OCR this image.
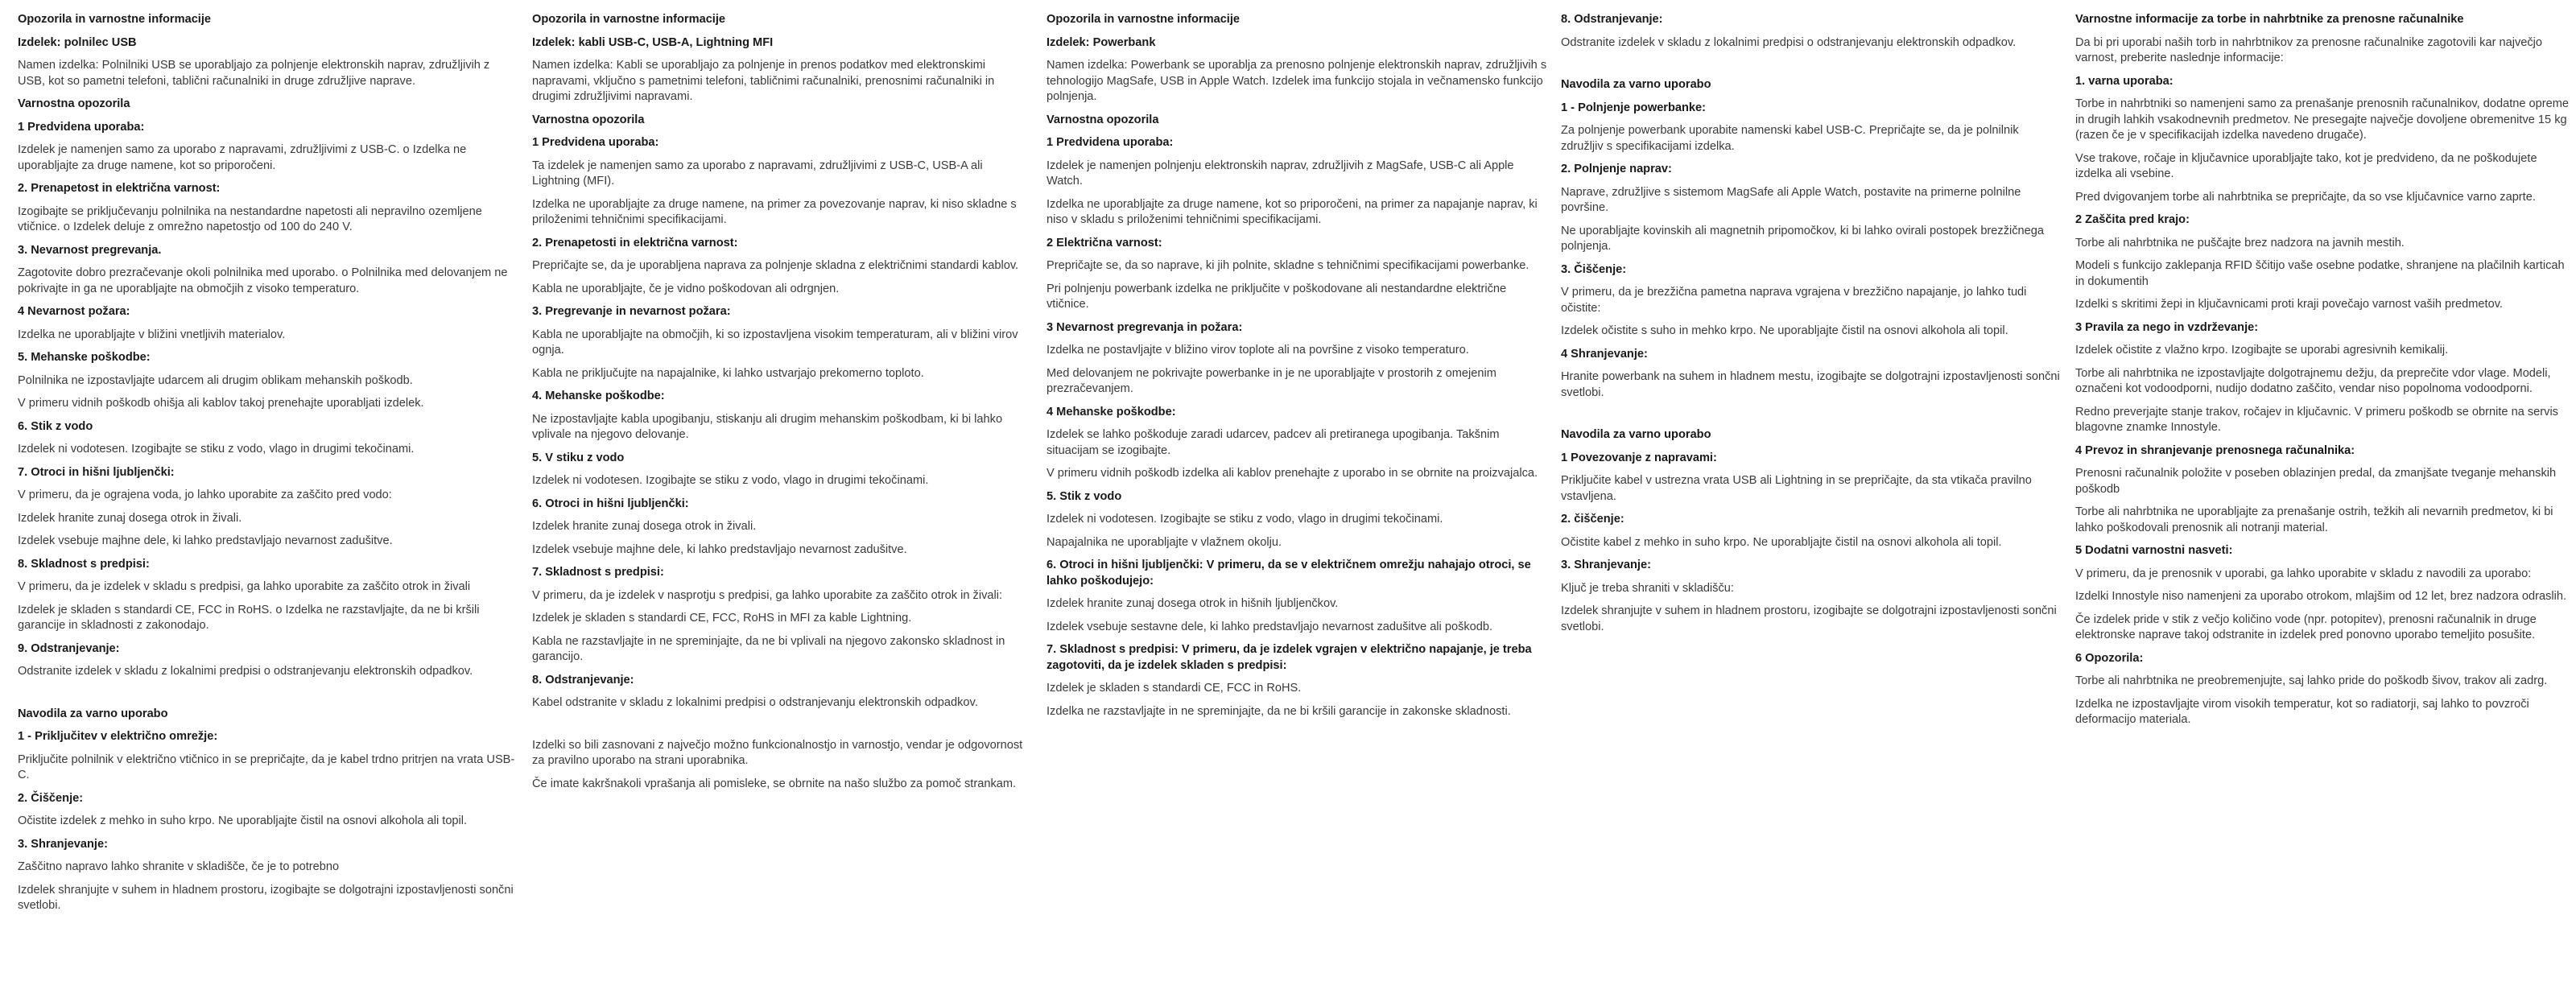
Opozorila in varnostne informacije
Izdelek: polnilec USB
Namen izdelka: Polnilniki USB se uporabljajo za polnjenje elektronskih naprav, združljivih z USB, kot so pametni telefoni, tablični računalniki in druge združljive naprave.
Varnostna opozorila
1 Predvidena uporaba:
Izdelek je namenjen samo za uporabo z napravami, združljivimi z USB-C. o Izdelka ne uporabljajte za druge namene, kot so priporočeni.
2. Prenapetost in električna varnost:
Izogibajte se priključevanju polnilnika na nestandardne napetosti ali nepravilno ozemljene vtičnice. o Izdelek deluje z omrežno napetostjo od 100 do 240 V.
3. Nevarnost pregrevanja.
Zagotovite dobro prezračevanje okoli polnilnika med uporabo. o Polnilnika med delovanjem ne pokrivajte in ga ne uporabljajte na območjih z visoko temperaturo.
4 Nevarnost požara:
Izdelka ne uporabljajte v bližini vnetljivih materialov.
5. Mehanske poškodbe:
Polnilnika ne izpostavljajte udarcem ali drugim oblikam mehanskih poškodb.
V primeru vidnih poškodb ohišja ali kablov takoj prenehajte uporabljati izdelek.
6. Stik z vodo
Izdelek ni vodotesen. Izogibajte se stiku z vodo, vlago in drugimi tekočinami.
7. Otroci in hišni ljubljenčki:
V primeru, da je ograjena voda, jo lahko uporabite za zaščito pred vodo:
Izdelek hranite zunaj dosega otrok in živali.
Izdelek vsebuje majhne dele, ki lahko predstavljajo nevarnost zadušitve.
8. Skladnost s predpisi:
V primeru, da je izdelek v skladu s predpisi, ga lahko uporabite za zaščito otrok in živali
Izdelek je skladen s standardi CE, FCC in RoHS. o Izdelka ne razstavljajte, da ne bi kršili garancije in skladnosti z zakonodajo.
9. Odstranjevanje:
Odstranite izdelek v skladu z lokalnimi predpisi o odstranjevanju elektronskih odpadkov.
Navodila za varno uporabo
1 - Priključitev v električno omrežje:
Priključite polnilnik v električno vtičnico in se prepričajte, da je kabel trdno pritrjen na vrata USB-C.
2. Čiščenje:
Očistite izdelek z mehko in suho krpo. Ne uporabljajte čistil na osnovi alkohola ali topil.
3. Shranjevanje:
Zaščitno napravo lahko shranite v skladišče, če je to potrebno
Izdelek shranjujte v suhem in hladnem prostoru, izogibajte se dolgotrajni izpostavljenosti sončni svetlobi.
Opozorila in varnostne informacije
Izdelek: kabli USB-C, USB-A, Lightning MFI
Namen izdelka: Kabli se uporabljajo za polnjenje in prenos podatkov med elektronskimi napravami, vključno s pametnimi telefoni, tabličnimi računalniki, prenosnimi računalniki in drugimi združljivimi napravami.
Varnostna opozorila
1 Predvidena uporaba:
Ta izdelek je namenjen samo za uporabo z napravami, združljivimi z USB-C, USB-A ali Lightning (MFI).
Izdelka ne uporabljajte za druge namene, na primer za povezovanje naprav, ki niso skladne s priloženimi tehničnimi specifikacijami.
2. Prenapetosti in električna varnost:
Prepričajte se, da je uporabljena naprava za polnjenje skladna z električnimi standardi kablov.
Kabla ne uporabljajte, če je vidno poškodovan ali odrgnjen.
3. Pregrevanje in nevarnost požara:
Kabla ne uporabljajte na območjih, ki so izpostavljena visokim temperaturam, ali v bližini virov ognja.
Kabla ne priključujte na napajalnike, ki lahko ustvarjajo prekomerno toploto.
4. Mehanske poškodbe:
Ne izpostavljajte kabla upogibanju, stiskanju ali drugim mehanskim poškodbam, ki bi lahko vplivale na njegovo delovanje.
5. V stiku z vodo
Izdelek ni vodotesen. Izogibajte se stiku z vodo, vlago in drugimi tekočinami.
6. Otroci in hišni ljubljenčki:
Izdelek hranite zunaj dosega otrok in živali.
Izdelek vsebuje majhne dele, ki lahko predstavljajo nevarnost zadušitve.
7. Skladnost s predpisi:
V primeru, da je izdelek v nasprotju s predpisi, ga lahko uporabite za zaščito otrok in živali:
Izdelek je skladen s standardi CE, FCC, RoHS in MFI za kable Lightning.
Kabla ne razstavljajte in ne spreminjajte, da ne bi vplivali na njegovo zakonsko skladnost in garancijo.
8. Odstranjevanje:
Kabel odstranite v skladu z lokalnimi predpisi o odstranjevanju elektronskih odpadkov.
Izdelki so bili zasnovani z največjo možno funkcionalnostjo in varnostjo, vendar je odgovornost za pravilno uporabo na strani uporabnika.
Če imate kakršnakoli vprašanja ali pomisleke, se obrnite na našo službo za pomoč strankam.
Opozorila in varnostne informacije
Izdelek: Powerbank
Namen izdelka: Powerbank se uporablja za prenosno polnjenje elektronskih naprav, združljivih s tehnologijo MagSafe, USB in Apple Watch. Izdelek ima funkcijo stojala in večnamensko funkcijo polnjenja.
Varnostna opozorila
1 Predvidena uporaba:
Izdelek je namenjen polnjenju elektronskih naprav, združljivih z MagSafe, USB-C ali Apple Watch.
Izdelka ne uporabljajte za druge namene, kot so priporočeni, na primer za napajanje naprav, ki niso v skladu s priloženimi tehničnimi specifikacijami.
2 Električna varnost:
Prepričajte se, da so naprave, ki jih polnite, skladne s tehničnimi specifikacijami powerbanke.
Pri polnjenju powerbank izdelka ne priključite v poškodovane ali nestandardne električne vtičnice.
3 Nevarnost pregrevanja in požara:
Izdelka ne postavljajte v bližino virov toplote ali na površine z visoko temperaturo.
Med delovanjem ne pokrivajte powerbanke in je ne uporabljajte v prostorih z omejenim prezračevanjem.
4 Mehanske poškodbe:
Izdelek se lahko poškoduje zaradi udarcev, padcev ali pretiranega upogibanja. Takšnim situacijam se izogibajte.
V primeru vidnih poškodb izdelka ali kablov prenehajte z uporabo in se obrnite na proizvajalca.
5. Stik z vodo
Izdelek ni vodotesen. Izogibajte se stiku z vodo, vlago in drugimi tekočinami.
Napajalnika ne uporabljajte v vlažnem okolju.
6. Otroci in hišni ljubljenčki: V primeru, da se v električnem omrežju nahajajo otroci, se lahko poškodujejo:
Izdelek hranite zunaj dosega otrok in hišnih ljubljenčkov.
Izdelek vsebuje sestavne dele, ki lahko predstavljajo nevarnost zadušitve ali poškodb.
7. Skladnost s predpisi: V primeru, da je izdelek vgrajen v električno napajanje, je treba zagotoviti, da je izdelek skladen s predpisi:
Izdelek je skladen s standardi CE, FCC in RoHS.
Izdelka ne razstavljajte in ne spreminjajte, da ne bi kršili garancije in zakonske skladnosti.
8. Odstranjevanje:
Odstranite izdelek v skladu z lokalnimi predpisi o odstranjevanju elektronskih odpadkov.
Navodila za varno uporabo
1 - Polnjenje powerbanke:
Za polnjenje powerbank uporabite namenski kabel USB-C. Prepričajte se, da je polnilnik združljiv s specifikacijami izdelka.
2. Polnjenje naprav:
Naprave, združljive s sistemom MagSafe ali Apple Watch, postavite na primerne polnilne površine.
Ne uporabljajte kovinskih ali magnetnih pripomočkov, ki bi lahko ovirali postopek brezžičnega polnjenja.
3. Čiščenje:
V primeru, da je brezžična pametna naprava vgrajena v brezžično napajanje, jo lahko tudi očistite:
Izdelek očistite s suho in mehko krpo. Ne uporabljajte čistil na osnovi alkohola ali topil.
4 Shranjevanje:
Hranite powerbank na suhem in hladnem mestu, izogibajte se dolgotrajni izpostavljenosti sončni svetlobi.
Navodila za varno uporabo
1 Povezovanje z napravami:
Priključite kabel v ustrezna vrata USB ali Lightning in se prepričajte, da sta vtikača pravilno vstavljena.
2. čiščenje:
Očistite kabel z mehko in suho krpo. Ne uporabljajte čistil na osnovi alkohola ali topil.
3. Shranjevanje:
Ključ je treba shraniti v skladišču:
Izdelek shranjujte v suhem in hladnem prostoru, izogibajte se dolgotrajni izpostavljenosti sončni svetlobi.
Varnostne informacije za torbe in nahrbtnike za prenosne računalnike
Da bi pri uporabi naših torb in nahrbtnikov za prenosne računalnike zagotovili kar največjo varnost, preberite naslednje informacije:
1. varna uporaba:
Torbe in nahrbtniki so namenjeni samo za prenašanje prenosnih računalnikov, dodatne opreme in drugih lahkih vsakodnevnih predmetov. Ne presegajte največje dovoljene obremenitve 15 kg (razen če je v specifikacijah izdelka navedeno drugače).
Vse trakove, ročaje in ključavnice uporabljajte tako, kot je predvideno, da ne poškodujete izdelka ali vsebine.
Pred dvigovanjem torbe ali nahrbtnika se prepričajte, da so vse ključavnice varno zaprte.
2 Zaščita pred krajo:
Torbe ali nahrbtnika ne puščajte brez nadzora na javnih mestih.
Modeli s funkcijo zaklepanja RFID ščitijo vaše osebne podatke, shranjene na plačilnih karticah in dokumentih
Izdelki s skritimi žepi in ključavnicami proti kraji povečajo varnost vaših predmetov.
3 Pravila za nego in vzdrževanje:
Izdelek očistite z vlažno krpo. Izogibajte se uporabi agresivnih kemikalij.
Torbe ali nahrbtnika ne izpostavljajte dolgotrajnemu dežju, da preprečite vdor vlage. Modeli, označeni kot vodoodporni, nudijo dodatno zaščito, vendar niso popolnoma vodoodporni.
Redno preverjajte stanje trakov, ročajev in ključavnic. V primeru poškodb se obrnite na servis blagovne znamke Innostyle.
4 Prevoz in shranjevanje prenosnega računalnika:
Prenosni računalnik položite v poseben oblazinjen predal, da zmanjšate tveganje mehanskih poškodb
Torbe ali nahrbtnika ne uporabljajte za prenašanje ostrih, težkih ali nevarnih predmetov, ki bi lahko poškodovali prenosnik ali notranji material.
5 Dodatni varnostni nasveti:
V primeru, da je prenosnik v uporabi, ga lahko uporabite v skladu z navodili za uporabo:
Izdelki Innostyle niso namenjeni za uporabo otrokom, mlajšim od 12 let, brez nadzora odraslih.
Če izdelek pride v stik z večjo količino vode (npr. potopitev), prenosni računalnik in druge elektronske naprave takoj odstranite in izdelek pred ponovno uporabo temeljito posušite.
6 Opozorila:
Torbe ali nahrbtnika ne preobremenjujte, saj lahko pride do poškodb šivov, trakov ali zadrg.
Izdelka ne izpostavljajte virom visokih temperatur, kot so radiatorji, saj lahko to povzroči deformacijo materiala.
